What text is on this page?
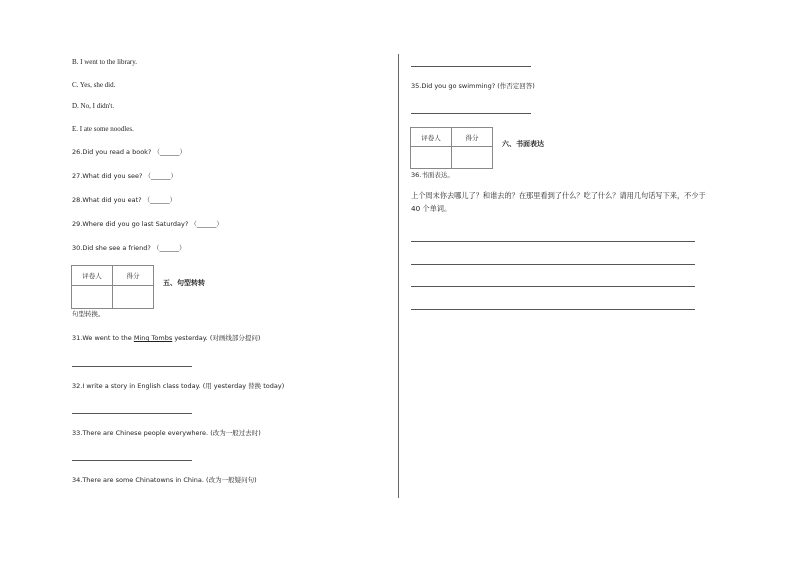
B. I went to the library.
C. Yes, she did.
D. No, I didn't.
E. I ate some noodles.
26.Did you read a book? （______）
27.What did you see? （______）
28.What did you eat? （______）
29.Where did you go last Saturday? （______）
30.Did she see a friend? （______）
评卷人	得分

五、句型转转
句型转换。
31.We went to the Ming Tombs yesterday. (对画线部分提问)
32.I write a story in English class today. (用 yesterday 替换 today)
33.There are Chinese people everywhere. (改为一般过去时)
34.There are some Chinatowns in China. (改为一般疑问句)
35.Did you go swimming? (作否定回答)
评卷人	得分

六、书面表达
36.书面表达。
上个周末你去哪儿了？和谁去的？在那里看到了什么？吃了什么？请用几句话写下来，不少于 40 个单词。
